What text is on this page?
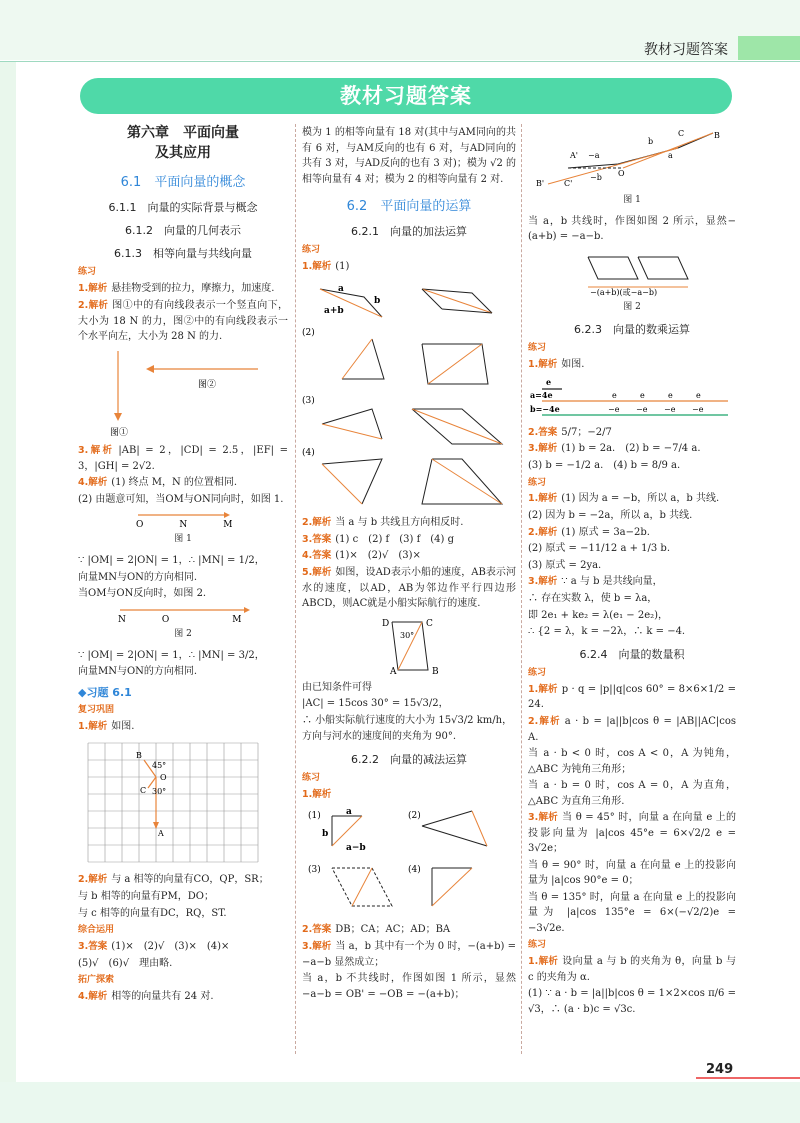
教材习题答案
教材习题答案
第六章　平面向量
及其应用
6.1　平面向量的概念
6.1.1　向量的实际背景与概念
6.1.2　向量的几何表示
6.1.3　相等向量与共线向量
练习
1.解析 悬挂物受到的拉力，摩擦力，加速度.
2.解析 图①中的有向线段表示一个竖直向下，大小为 18 N 的力，图②中的有向线段表示一个水平向左，大小为 28 N 的力.
图②
图①
3.解析 |AB| = 2，|CD| = 2.5，|EF| = 3，|GH| = 2√2.
4.解析 (1) 终点 M，N 的位置相同.
(2) 由题意可知，当OM与ON同向时，如图 1.
O　　　　N　　　　M
图 1
∵ |OM| = 2|ON| = 1，∴ |MN| = 1/2，
向量MN与ON的方向相同.
当OM与ON反向时，如图 2.
N　　　　O　　　　　　　M
图 2
∵ |OM| = 2|ON| = 1，∴ |MN| = 3/2，
向量MN与ON的方向相同.
◆习题 6.1
复习巩固
1.解析 如图.
B
45°
O
30°
C
A
2.解析 与 a 相等的向量有CO，QP，SR；
与 b 相等的向量有PM，DO；
与 c 相等的向量有DC，RQ，ST.
综合运用
3.答案 (1)×　(2)√　(3)×　(4)×
(5)√　(6)√　理由略.
拓广探索
4.解析 相等的向量共有 24 对.
模为 1 的相等向量有 18 对(其中与AM同向的共有 6 对，与AM反向的也有 6 对，与AD同向的共有 3 对，与AD反向的也有 3 对)；模为 √2 的相等向量有 4 对；模为 2 的相等向量有 2 对.
6.2　平面向量的运算
6.2.1　向量的加法运算
练习
1.解析 (1)
(2)
(3)
(4)
a
b
a+b
2.解析 当 a 与 b 共线且方向相反时.
3.答案 (1) c　(2) f　(3) f　(4) g
4.答案 (1)×　(2)√　(3)×
5.解析 如图，设AD表示小船的速度，AB表示河水的速度，以AD，AB为邻边作平行四边形 ABCD，则AC就是小船实际航行的速度.
D	C
30°
A	B
由已知条件可得
|AC| = 15cos 30° = 15√3/2，
∴ 小船实际航行速度的大小为 15√3/2 km/h，
方向与河水的速度间的夹角为 90°.
6.2.2　向量的减法运算
练习
1.解析
(1)	(2)
(3)	(4)
a
b
a−b
2.答案 DB；CA；AC；AD；BA
3.解析 当 a，b 其中有一个为 0 时，−(a+b) = −a−b 显然成立；
当 a，b 不共线时，作图如图 1 所示，显然−a−b = OB' = −OB = −(a+b)；
A' −a
−b O
b
a
C	B
B' C'
图 1
当 a，b 共线时，作图如图 2 所示，显然−(a+b) = −a−b.
−(a+b)(或−a−b)
图 2
6.2.3　向量的数乘运算
练习
1.解析 如图.
e
a=4e
b=−4e
e	e	e	e
−e −e −e −e
2.答案 5/7；−2/7
3.解析 (1) b = 2a.　(2) b = −7/4 a.
(3) b = −1/2 a.　(4) b = 8/9 a.
练习
1.解析 (1) 因为 a = −b，所以 a，b 共线.
(2) 因为 b = −2a，所以 a，b 共线.
2.解析 (1) 原式 = 3a−2b.
(2) 原式 = −11/12 a + 1/3 b.
(3) 原式 = 2ya.
3.解析 ∵ a 与 b 是共线向量，
∴ 存在实数 λ，使 b = λa，
即 2e₁ + ke₂ = λ(e₁ − 2e₂)，
∴ {2 = λ，k = −2λ，∴ k = −4.
6.2.4　向量的数量积
练习
1.解析 p · q = |p||q|cos 60° = 8×6×1/2 = 24.
2.解析 a · b = |a||b|cos θ = |AB||AC|cos A.
当 a · b < 0 时，cos A < 0，A 为钝角，△ABC 为钝角三角形；
当 a · b = 0 时，cos A = 0，A 为直角，△ABC 为直角三角形.
3.解析 当 θ = 45° 时，向量 a 在向量 e 上的投影向量为 |a|cos 45°e = 6×√2/2 e = 3√2e；
当 θ = 90° 时，向量 a 在向量 e 上的投影向量为 |a|cos 90°e = 0；
当 θ = 135° 时，向量 a 在向量 e 上的投影向量为 |a|cos 135°e = 6×(−√2/2)e = −3√2e.
练习
1.解析 设向量 a 与 b 的夹角为 θ，向量 b 与 c 的夹角为 α.
(1) ∵ a · b = |a||b|cos θ = 1×2×cos π/6 = √3，∴ (a · b)c = √3c.
249
